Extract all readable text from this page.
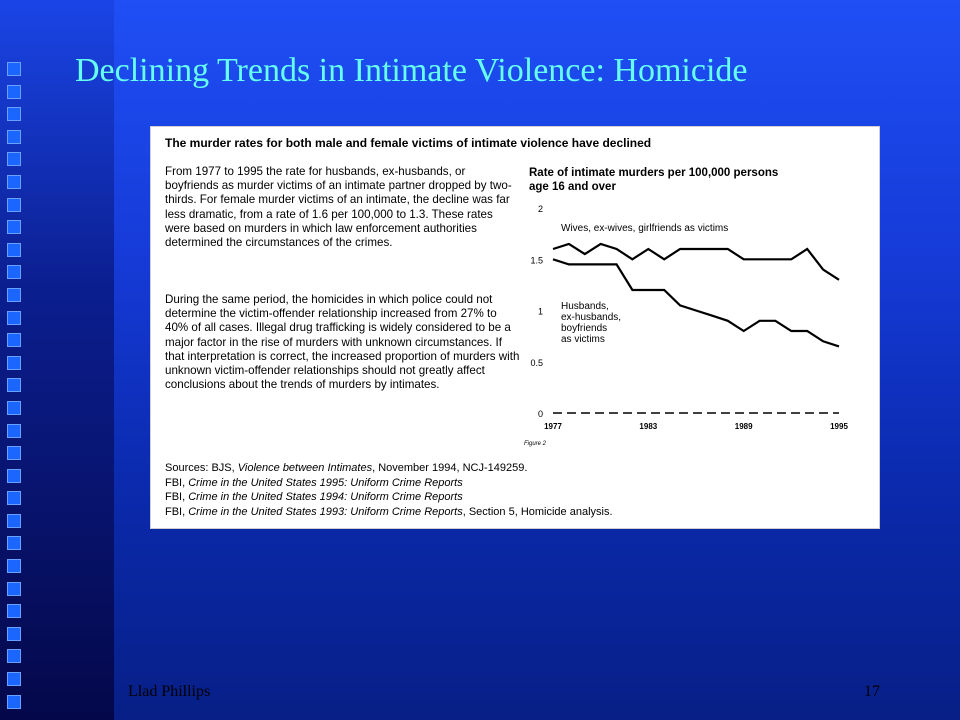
Declining Trends in Intimate Violence: Homicide
The murder rates for both male and female victims of intimate violence have declined
From 1977 to 1995 the rate for husbands, ex-husbands, or boyfriends as murder victims of an intimate partner dropped by two-thirds. For female murder victims of an intimate, the decline was far less dramatic, from a rate of 1.6 per 100,000 to 1.3. These rates were based on murders in which law enforcement authorities determined the circumstances of the crimes.
During the same period, the homicides in which police could not determine the victim-offender relationship increased from 27% to 40% of all cases. Illegal drug trafficking is widely considered to be a major factor in the rise of murders with unknown circumstances. If that interpretation is correct, the increased proportion of murders with unknown victim-offender relationships should not greatly affect conclusions about the trends of murders by intimates.
Sources: BJS, Violence between Intimates, November 1994, NCJ-149259.
FBI, Crime in the United States 1995: Uniform Crime Reports
FBI, Crime in the United States 1994: Uniform Crime Reports
FBI, Crime in the United States 1993: Uniform Crime Reports, Section 5, Homicide analysis.
Rate of intimate murders per 100,000 persons
age 16 and over
0
0.5
1
1.5
2
1977	1983	1989	1995
Wives, ex-wives, girlfriends as victims
Husbands,
ex-husbands,
boyfriends
as victims
Figure 2
Llad Phillips	17
